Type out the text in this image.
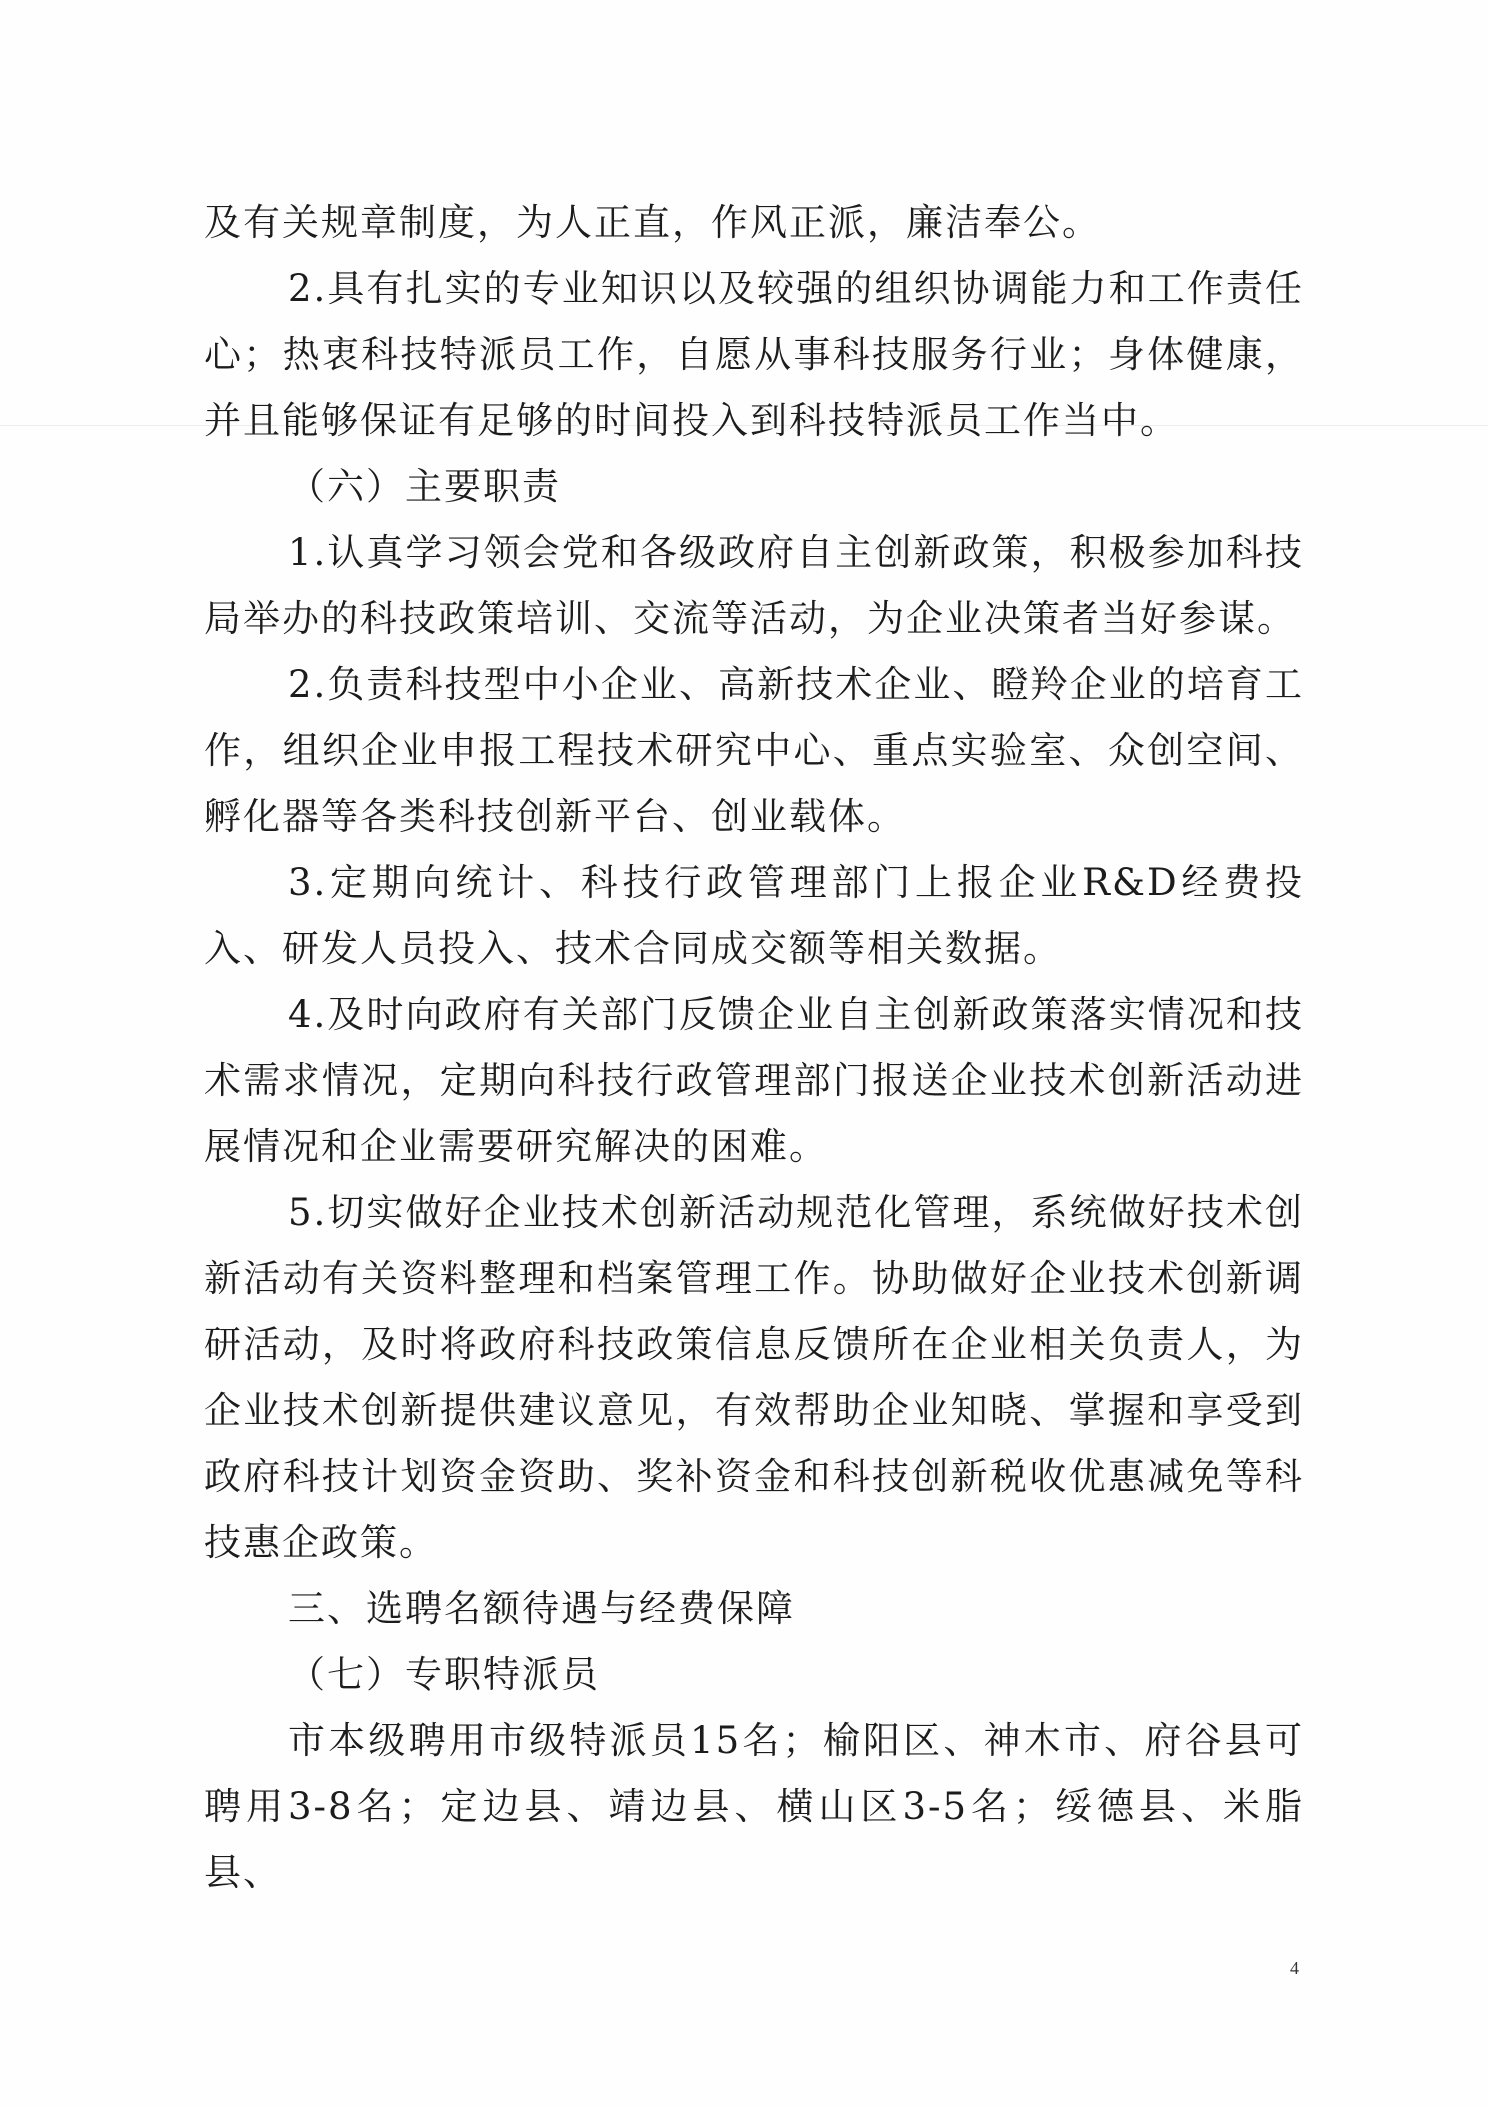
及有关规章制度，为人正直，作风正派，廉洁奉公。

2.具有扎实的专业知识以及较强的组织协调能力和工作责任心；热衷科技特派员工作，自愿从事科技服务行业；身体健康，并且能够保证有足够的时间投入到科技特派员工作当中。

（六）主要职责

1.认真学习领会党和各级政府自主创新政策，积极参加科技局举办的科技政策培训、交流等活动，为企业决策者当好参谋。

2.负责科技型中小企业、高新技术企业、瞪羚企业的培育工作，组织企业申报工程技术研究中心、重点实验室、众创空间、孵化器等各类科技创新平台、创业载体。

3.定期向统计、科技行政管理部门上报企业R&D经费投入、研发人员投入、技术合同成交额等相关数据。

4.及时向政府有关部门反馈企业自主创新政策落实情况和技术需求情况，定期向科技行政管理部门报送企业技术创新活动进展情况和企业需要研究解决的困难。

5.切实做好企业技术创新活动规范化管理，系统做好技术创新活动有关资料整理和档案管理工作。协助做好企业技术创新调研活动，及时将政府科技政策信息反馈所在企业相关负责人，为企业技术创新提供建议意见，有效帮助企业知晓、掌握和享受到政府科技计划资金资助、奖补资金和科技创新税收优惠减免等科技惠企政策。

三、选聘名额待遇与经费保障

（七）专职特派员

市本级聘用市级特派员15名；榆阳区、神木市、府谷县可聘用3-8名；定边县、靖边县、横山区3-5名；绥德县、米脂县、

4
